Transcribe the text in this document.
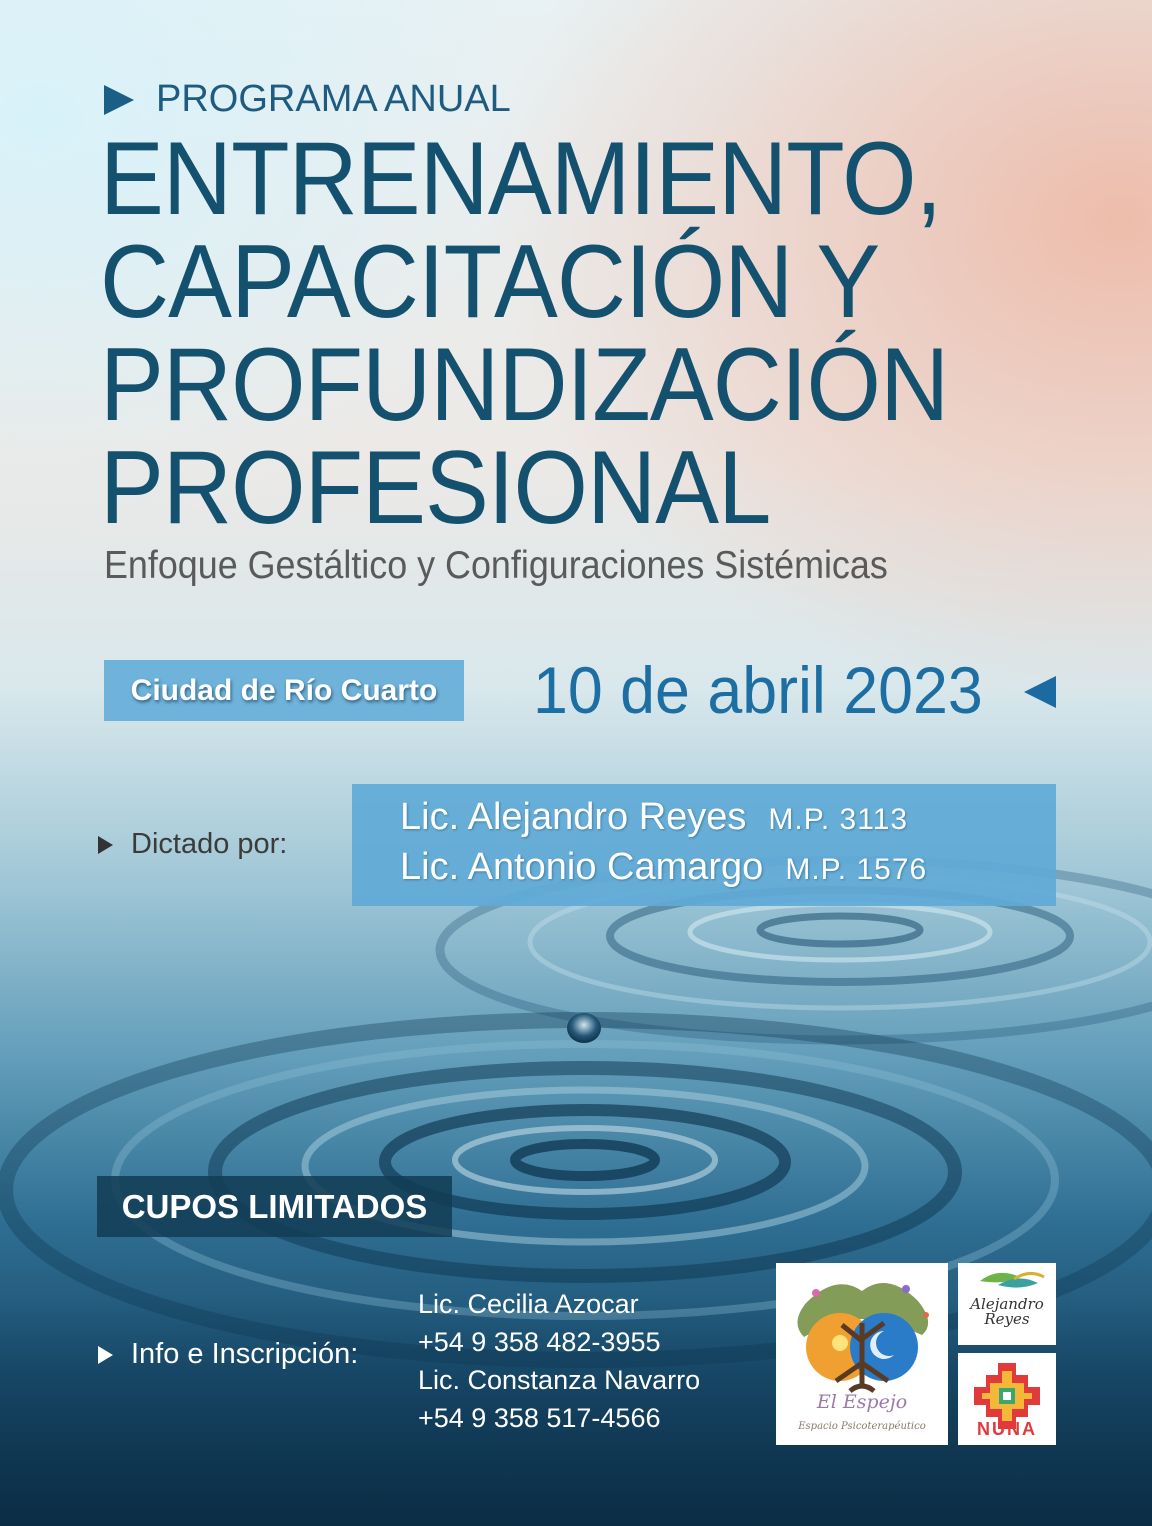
PROGRAMA ANUAL
ENTRENAMIENTO,
CAPACITACIÓN Y
PROFUNDIZACIÓN
PROFESIONAL
Enfoque Gestáltico y Configuraciones Sistémicas
Ciudad de Río Cuarto	10 de abril 2023
Dictado por:
Lic. Alejandro Reyes M.P. 3113
Lic. Antonio Camargo M.P. 1576
CUPOS LIMITADOS
Info e Inscripción:
Lic. Cecilia Azocar
+54 9 358 482-3955
Lic. Constanza Navarro
+54 9 358 517-4566
El Espejo
Espacio Psicoterapéutico
Alejandro
Reyes
NUNA
